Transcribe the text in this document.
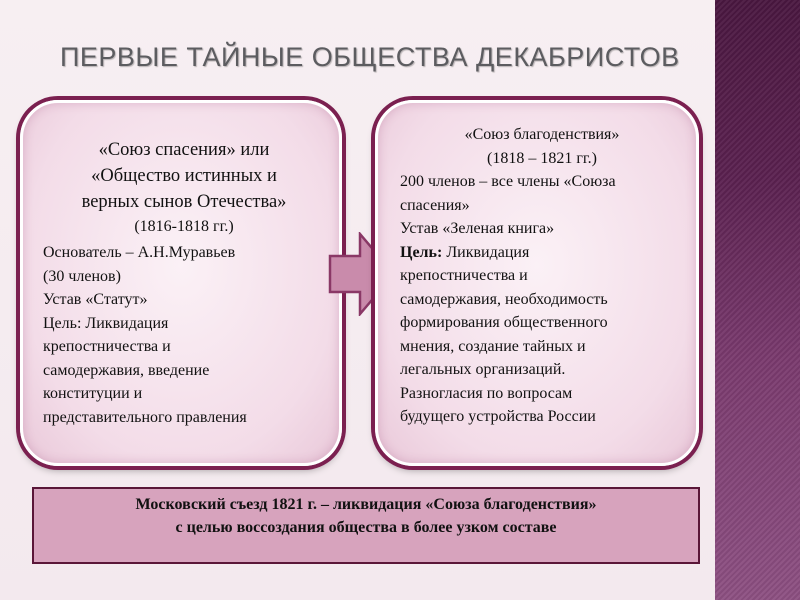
ПЕРВЫЕ ТАЙНЫЕ ОБЩЕСТВА ДЕКАБРИСТОВ
«Союз спасения» или
«Общество истинных и
верных сынов Отечества»
(1816-1818 гг.)
Основатель – А.Н.Муравьев
(30 членов)
Устав «Статут»
Цель: Ликвидация
крепостничества и
самодержавия, введение
конституции и
представительного правления
«Союз благоденствия»
(1818 – 1821 гг.)
200 членов – все члены «Союза
спасения»
Устав «Зеленая книга»
Цель: Ликвидация
крепостничества и
самодержавия, необходимость
формирования общественного
мнения, создание тайных и
легальных организаций.
Разногласия по вопросам
будущего устройства России
Московский съезд 1821 г. – ликвидация «Союза благоденствия»
с целью воссоздания общества в более узком составе
